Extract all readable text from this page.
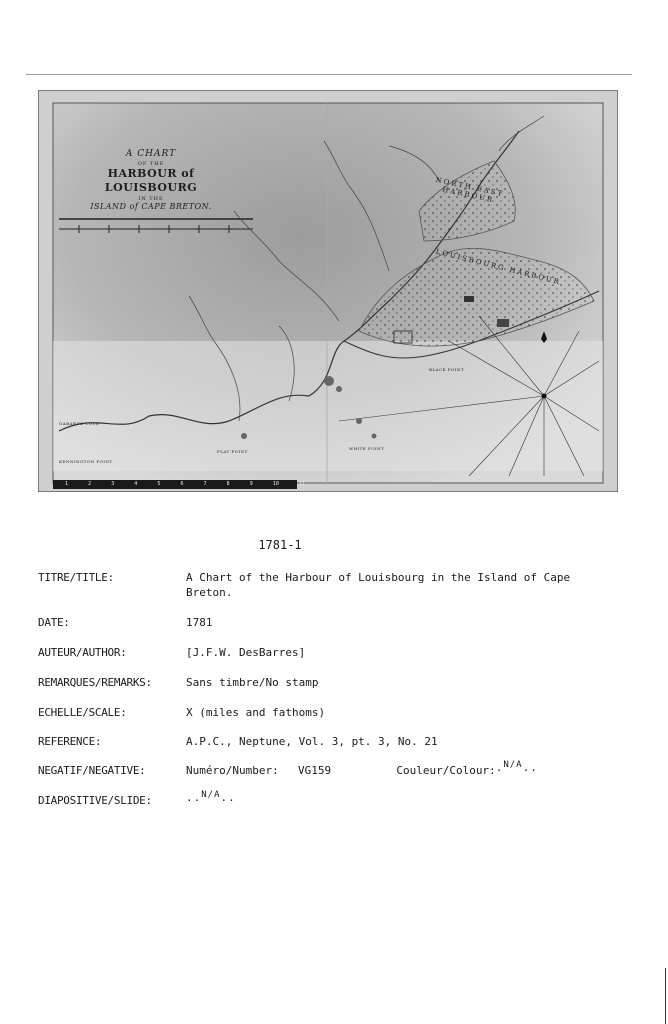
A CHART
OF THE
HARBOUR of LOUISBOURG
IN THE
ISLAND of CAPE BRETON.
NORTH EAST HARBOUR
LOUISBOURG HARBOUR
BLACK POINT
FLAT POINT
WHITE POINT
GABARUS COVE
KENNINGTON POINT
1	2	3	4	5	6	7	8	9	10	11
1781-1
TITRE/TITLE:	A Chart of the Harbour of Louisbourg in the Island of Cape Breton.
DATE:	1781
AUTEUR/AUTHOR:	[J.F.W. DesBarres]
REMARQUES/REMARKS:	Sans timbre/No stamp
ECHELLE/SCALE:	X (miles and fathoms)
REFERENCE:	A.P.C., Neptune, Vol. 3, pt. 3, No. 21
NEGATIF/NEGATIVE:	Numéro/Number: VG159	Couleur/Colour:·$^{N/A}$··
DIAPOSITIVE/SLIDE:	··$^{N/A}$··
